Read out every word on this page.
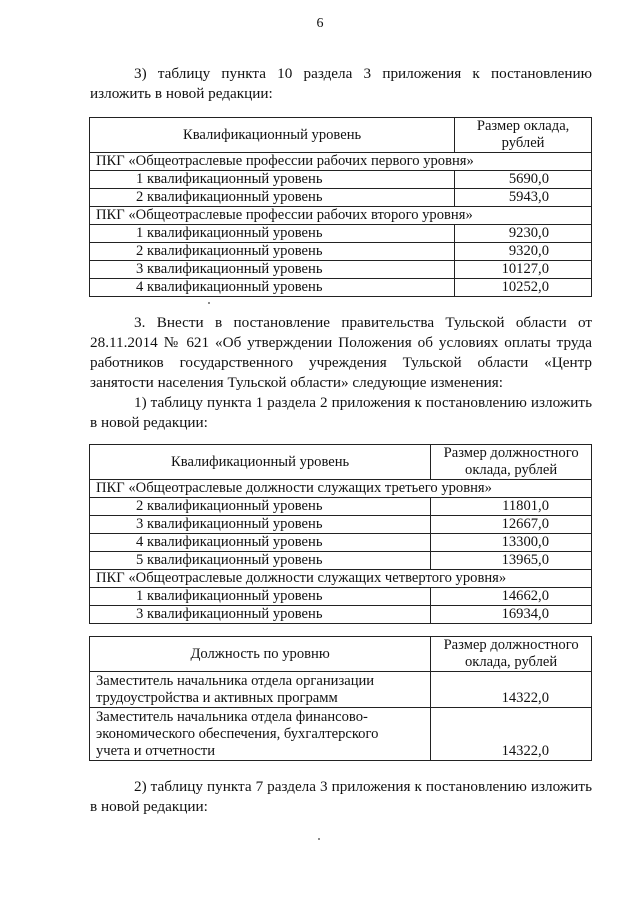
6

3) таблицу пункта 10 раздела 3 приложения к постановлению изложить в новой редакции:

Квалификационный уровень	Размер оклада, рублей
ПКГ «Общеотраслевые профессии рабочих первого уровня»	
1 квалификационный уровень	5690,0
2 квалификационный уровень	5943,0
ПКГ «Общеотраслевые профессии рабочих второго уровня»	
1 квалификационный уровень	9230,0
2 квалификационный уровень	9320,0
3 квалификационный уровень	10127,0
4 квалификационный уровень	10252,0

3. Внести в постановление правительства Тульской области от 28.11.2014 № 621 «Об утверждении Положения об условиях оплаты труда работников государственного учреждения Тульской области «Центр занятости населения Тульской области» следующие изменения:

1) таблицу пункта 1 раздела 2 приложения к постановлению изложить в новой редакции:

Квалификационный уровень	Размер должностного
оклада, рублей

ПКГ «Общеотраслевые должности служащих третьего уровня»	
2 квалификационный уровень	11801,0
3 квалификационный уровень	12667,0
4 квалификационный уровень	13300,0
5 квалификационный уровень	13965,0
ПКГ «Общеотраслевые должности служащих четвертого уровня»	
1 квалификационный уровень	14662,0
3 квалификационный уровень	16934,0
Должность по уровню	Размер должностного
оклада, рублей

Заместитель начальника отдела организации
трудоустройства и активных программ	14322,0

Заместитель начальника отдела финансово-
экономического обеспечения, бухгалтерского
учета и отчетности	14322,0

2) таблицу пункта 7 раздела 3 приложения к постановлению изложить в новой редакции:
